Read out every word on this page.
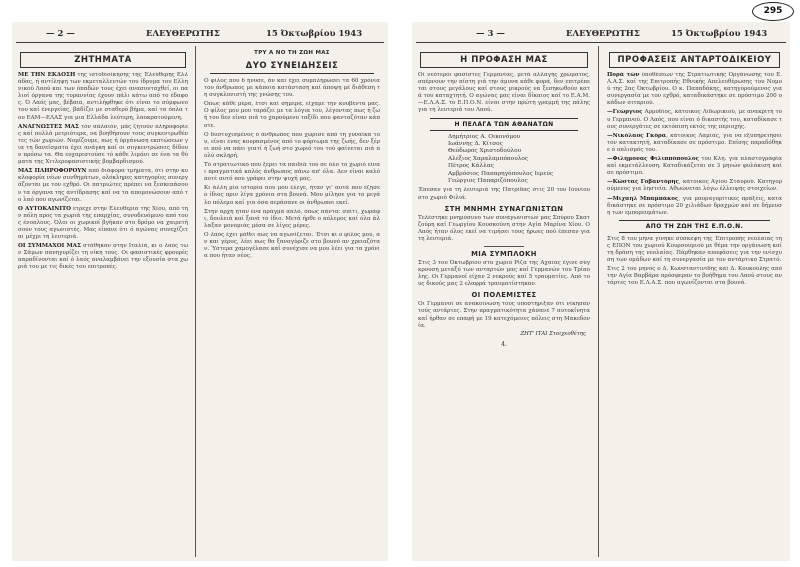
295
— 2 —	ΕΛΕΥΘΕΡΩΤΗΣ	15 Όκτωβρίου 1943
ΖΗΤΗΜΑΤΑ
ΜΕ ΤΗΝ ΕΚΔΟΣΗ της ιστοδιοίκησης της Έλεύθερης Ελλάδας, ή αντίληψη των εκμεταλλευτών του ίδρυμα του Ελληνικού Λαού και των όπαδών τους έχει ανασυνταχθεί, οι παλιοί όργανα της τυραννίας έχουν πάλι κάτω από το έδαφος. Ό Λαός μας, βέβαια, αντιλήφθηκε ότι είναι το σύμφωνο του καί ένεργείας, βαδίζει με σταθερό βήμα, καί τα όπλα του ΕΑΜ—ΕΛΑΣ για μια Ελλάδα λεύτερη, λαοκρατούμενη.
ΑΝΑΓΝΩΣΤΕΣ ΜΑΣ τόν παλαιόν, μάς ζητούν πληροφορίες καί πολλά μετριότερα, να βοηθήσουν τους συγκεντρωθέντες τών χωριών. Νομίζουμε, πως ή όργάνωση εκπτώσεων για τη δανείσματα έχει ανάγκη καί οι συγκεντρώσεις δίδουν πρόσω τα. Θα ευχαριστούσε τό κάθε λιμάνι σε ένα τα θύματα της Χιτλεροφασιστικής βομβαρδισμού.
ΜΑΣ ΠΛΗΡΟΦΟΡΟΥΝ από διάφορα τμήματα, ότι στην κυκλοφορία νέων συνθημάτων, ολόκληρες κατηγορίες συνεργάζονται με τον εχθρό. Οι πατριώτες πρέπει να ξεσκεπάσουν τα όργανα της αντίδρασης καί να τα απομονώσουν από το λαό που αγωνίζεται.
Ο ΑΥΤΟΚΑΙΝΙΤΟ έτρεχε στην Ελευθερία της Χίου, από την πόλη προς τα χωριά της επαρχίας, συνοδευόμενο από τους ένοπλους. Όλοι οι χωρικοί βγήκαν στο δρόμο να χαιρετήσουν τους αγωνιστές. Μας είπανε ότι ό αγώνας συνεχίζεται μέχρι τη λευτεριά.
ΟΙ ΣΥΜΜΑΧΟΙ ΜΑΣ στάθηκαν στην Ιταλία, κι ο λαός των Σάμων πανηγυρίζει τη νίκη τους. Οι φασιστικές φρουρές παραδίνονται καί ό λαός αναλαμβάνει την εξουσία στα χωριά του με τις δικές του επιτροπές.
ΤΡΥ Α ΝΟ ΤΗ ΖΩΗ ΜΑΣ
ΔΥΟ ΣΥΝΕΙΔΗΣΕΙΣ
Ο φίλος που δ ήνυσε, άν καί έχει συμπληρώσει τα 60 χρόνια του άνθρωπος με κάποια κατάσταση καί άποψη μέ διάθεση τη συγκλονιστή της γνώσης του.
Όπως κάθε μέρα, έτσι καί σήμερα, είχαμε την κουβέντα μας. Ο φίλος μου μου ταράζει με τα λόγια του, λέγοντας πως ή ζωή του δεν είναι πιά το χαρούμενο ταξίδι που φανταζόταν κάποτε.
Ο δυστυχισμένος ό άνθρωπος που χώρισε από τη γυναίκα του, είναι ένας κουρασμένος από το φόρτωμα της ζωής, δεν ξέρει πού να πάει γιατί ή ζωή στο χωριό του τού φαίνεται πιά πολύ σκληρή.
Τό στρατιωτικό που ξέρει τα παιδιά του σε όλο το χωριό είναι πραγματικά καλός άνθρωπος πάνω απ' όλα. Δεν είναι καλό ποτέ αυτό που γράφει στην ψυχή μας.
Κι άλλη μία ιστορία που μου έλεγε, ήταν γι' αυτά που έζησε ο ίδιος πριν λίγα χρόνια στα βουνά. Μου μίλησε για το μεγάλο πόλεμο καί για όσα περάσανε οι άνθρωποι εκεί.
Στην αρχή ήταν ένα πράγμα απλό, όπως πάντα: σπίτι, χωράφι, δουλειά καί ξανά το ίδιο. Μετά ήρθε ο πόλεμος καί όλα άλλαξαν μονομιάς μέσα σε λίγες μέρες.
Ο λαός έχει μάθει πώς να αγωνίζεται. Έτσι κι ο φίλος μου, αν και γέρος, λέει πως θα ξαναγύριζε στο βουνό αν χρειαζόταν. Ύστερα χαμογέλασε καί συνέχισε να μου λέει για τα χρόνια που ήταν νέος.
— 3 —	ΕΛΕΥΘΕΡΩΤΗΣ	15 Όκτωβρίου 1943
Η ΠΡΟΦΑΣΗ ΜΑΣ
Οί νεότεροι φασίστες Γερμανίας, μετά αλλαγής χρώματος, σπέρνουν την πίστη γιά την άμυνα κάθε φορά, δεν επιτρέπεται στους μεγάλους καί στους μικρούς να ξεσηκωθούν κατά του καταχτητή. Ο αγώνας μας είναι δίκαιος καί το Ε.Α.Μ.—Ε.Λ.Α.Σ. το Ε.Π.Ο.Ν. είναι στην πρώτη γραμμή της πάλης για τη λευτεριά του Λαού.
Η ΠΕΛΑΓΑ ΤΩΝ ΑΘΑΝΑΤΩΝ
Δημήτριος Α. Οικονόμου
Ιωάννης Δ. Κίτσος
Θεόδωρος Χριστοδούλου
Αλέξιος Χαραλαμπόπουλος
Πέτρος Κάλλας
Αμβρόσιος Παπαρηγόπουλος Ιερεύς
Γεώργιος Παπαριζόπουλος
Έπεσαν για τη λευτεριά της Πατρίδας στις 20 του Ιουνίου στο χωριό Φιλιά.
ΣΤΗ ΜΝΗΜΗ ΣΥΝΑΓΩΝΙΣΤΩΝ
Τελέστηκε μνημόσυνο των συναγωνιστών μας Σπύρου Σκατζούρη καί Γεωργίου Κουσκούνη στην Αγία Μαρίνα Χίου. Ο Λαός ήταν όλος εκεί να τιμήσει τους ήρωες πού έπεσαν για τη λευτεριά.
ΜΙΑ ΣΥΜΠΛΟΚΗ
Στις 3 του Όκτωβρίου στο χωριό Ρίζα της Αχαΐας έγινε σύγκρουση μεταξύ των ανταρτών μας καί Γερμανών του Τρίπολης. Οι Γερμανοί είχαν 2 νεκρούς καί 5 τραυματίες. Από τους δικούς μας 2 ελαφρά τραυματίστηκαν.
ΟΙ ΠΟΛΕΜΙΣΤΕΣ
Οι Γερμανοί σε ανακοίνωση τους υποστήριξαν ότι νίκησαν τούς αντάρτες. Στην πραγματικότητα χάσανε 7 αυτοκίνητα καί ήρθαν σε επαφή με 19 κατεχόμενες πόλεις στη Μακεδονία.
ΖΗΤ' ΙΤΑΙ Στοιχεοθέτης
4.
ΠΡΟΦΑΣΕΙΣ ΑΝΤΑΡΤΟΔΙΚΕΙΟΥ
Πορά τών ύποθέσεων της Στρατιωτικής Οργάνωσης του Ε.Λ.Α.Σ. καί της Επιτροπής Εθνικής Απελευθέρωσης του Νομού της 2ας Όκτωβρίου. Ο κ. Παπαδάκης, κατηγορούμενος για συνεργασία με τον εχθρό, καταδικάστηκε σε πρόστιμο 200 οκάδων σιταριού.
—Γεώργιος Αρμοδίος, κάτοικος Λιδωρικιού, με ανακριτή του Γερμανού. Ο Λαός, που είναι ό δικαστής του, καταδίκασε τους συνεργάτες σε εκτόπιση εκτός της περιοχής.
—Νικόλαος Γκόρα, κάτοικος Λαμίας, για να εξυπηρετήσει τον κατακτητή, καταδίκασε σε πρόστιμο. Επίσης παραδόθηκε ό οπλισμός του.
—Φιλήμονας Φιλιππόπουλος του Κλη. για πλαστογραφία καί εκμετάλλευση. Καταδικάζεται σε 3 μηνών φυλάκιση καί σε πρόστιμο.
—Κώστας Γοβαντόρης, κάτοικος Αγίου Σταυρού. Κατηγορούμενος για ληστεία. Αθωώνεται λόγω έλλειψης στοιχείων.
—Μιχαήλ Μπαμπάκος, για μαυραγορίτικες πράξεις, καταδικάστηκε σε πρόστιμο 20 χιλιάδων δραχμών καί σε δήμευση των εμπορευμάτων.
ΑΠΟ ΤΗ ΖΩΗ ΤΗΣ Ε.Π.Ο.Ν.
Στις 8 του μήνα γίνηκε σύσκεψη της Έπιτροπής νεολαίας της ΕΠΟΝ του χωριού Κουρσουμιού με θέμα την οργάνωση καί τη δράση της νεολαίας. Πάρθηκαν αποφάσεις για την ενίσχυση των ομάδων καί τη συνεργασία με τον αντάρτικο Στρατό.
Στις 2 του μηνός ο Δ. Κωνσταντινίδης καί Δ. Κουκούλης από την Αγία Βαρβάρα πρόσφεραν το βοήθημα του Λαού στους αντάρτες του Ε.Λ.Α.Σ. που αγωνίζονται στα βουνά.
